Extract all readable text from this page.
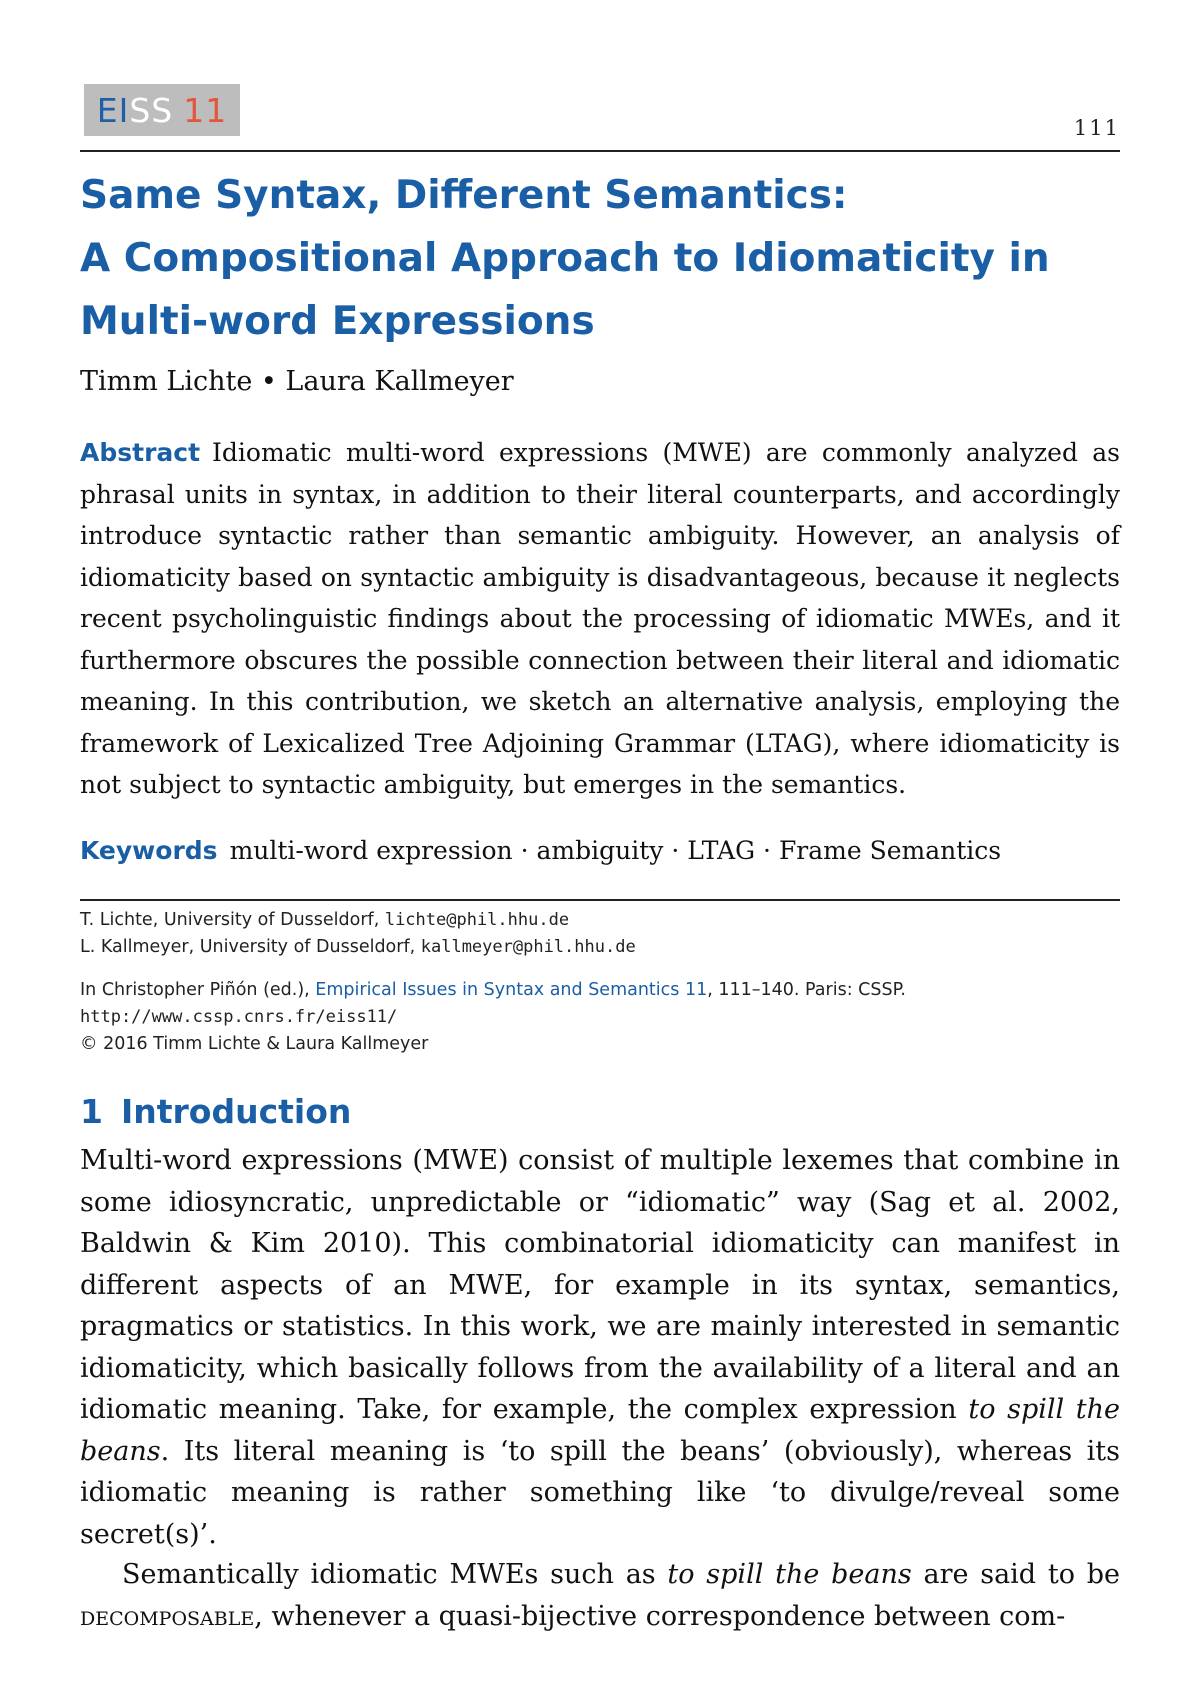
EI SS 11	111
Same Syntax, Different Semantics:
A Compositional Approach to Idiomaticity in
Multi-word Expressions
Timm Lichte • Laura Kallmeyer

Abstract Idiomatic multi-word expressions (MWE) are commonly analyzed as phrasal units in syntax, in addition to their literal counterparts, and accordingly introduce syntactic rather than semantic ambiguity. However, an analysis of idiomaticity based on syntactic ambiguity is disadvantageous, because it neglects recent psycholinguistic findings about the processing of idiomatic MWEs, and it furthermore obscures the possible connection between their literal and idiomatic meaning. In this contribution, we sketch an alternative analysis, employing the framework of Lexicalized Tree Adjoining Grammar (LTAG), where idiomaticity is not subject to syntactic ambiguity, but emerges in the semantics.

Keywords multi-word expression · ambiguity · LTAG · Frame Semantics

T. Lichte, University of Dusseldorf, lichte@phil.hhu.de
L. Kallmeyer, University of Dusseldorf, kallmeyer@phil.hhu.de
In Christopher Piñón (ed.), Empirical Issues in Syntax and Semantics 11, 111–140. Paris: CSSP.
http://www.cssp.cnrs.fr/eiss11/
© 2016 Timm Lichte & Laura Kallmeyer
1 Introduction

Multi-word expressions (MWE) consist of multiple lexemes that combine in some idiosyncratic, unpredictable or “idiomatic” way (Sag et al. 2002, Baldwin & Kim 2010). This combinatorial idiomaticity can manifest in different aspects of an MWE, for example in its syntax, semantics, pragmatics or statistics. In this work, we are mainly interested in semantic idiomaticity, which basically follows from the availability of a literal and an idiomatic meaning. Take, for example, the complex expression to spill the beans. Its literal meaning is ‘to spill the beans’ (obviously), whereas its idiomatic meaning is rather something like ‘to divulge/reveal some secret(s)’.

Semantically idiomatic MWEs such as to spill the beans are said to be decomposable, whenever a quasi-bijective correspondence between com-
